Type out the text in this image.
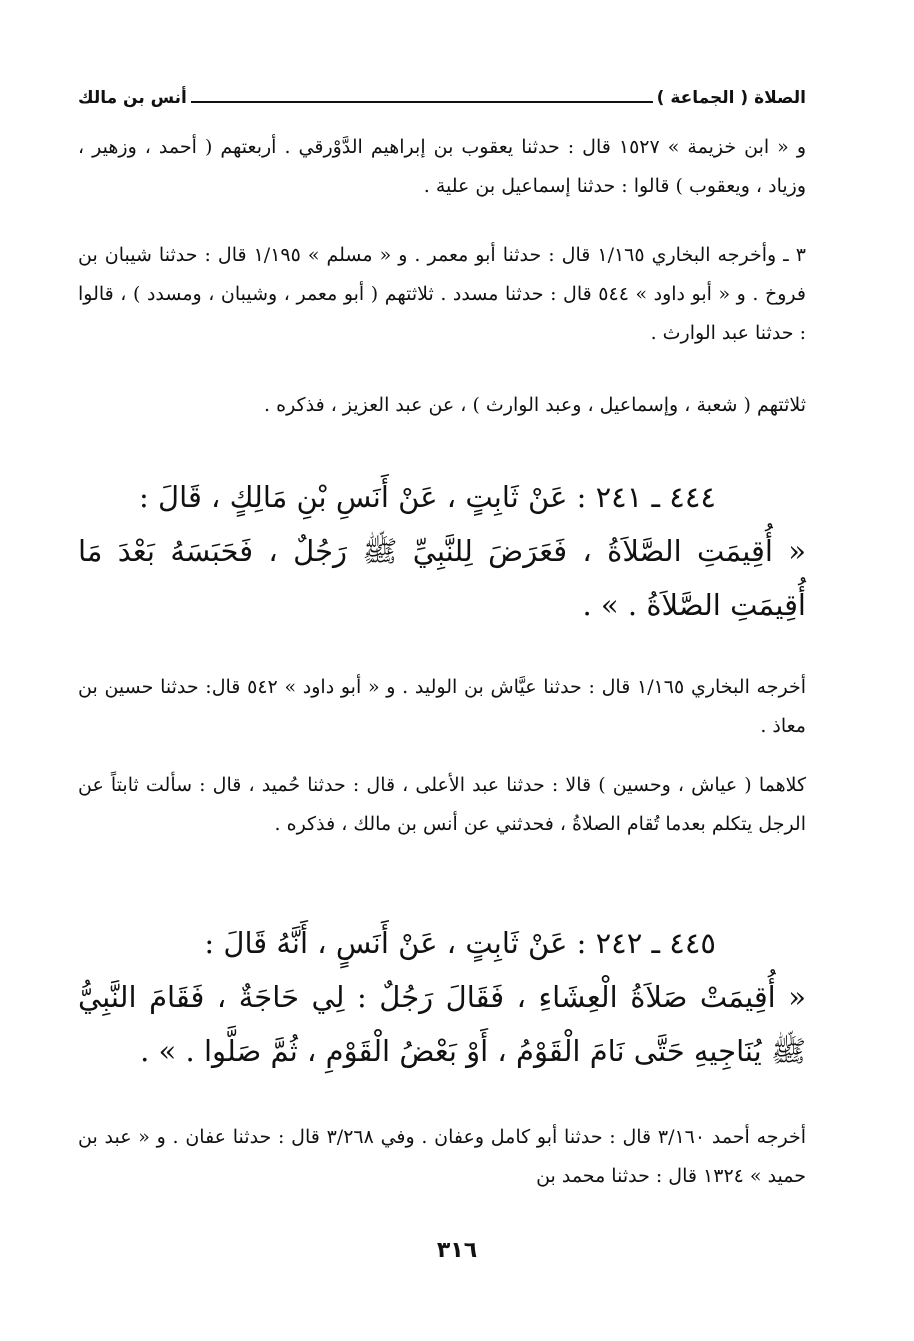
الصلاة ( الجماعة )
أنس بن مالك

و « ابن خزيمة » ١٥٢٧ قال : حدثنا يعقوب بن إبراهيم الدَّوْرقي . أربعتهم ( أحمد ، وزهير ، وزياد ، ويعقوب ) قالوا : حدثنا إسماعيل بن علية .

٣ ـ وأخرجه البخاري ١/١٦٥ قال : حدثنا أبو معمر . و « مسلم » ١/١٩٥ قال : حدثنا شيبان بن فروخ . و « أبو داود » ٥٤٤ قال : حدثنا مسدد . ثلاثتهم ( أبو معمر ، وشيبان ، ومسدد ) ، قالوا : حدثنا عبد الوارث .

ثلاثتهم ( شعبة ، وإسماعيل ، وعبد الوارث ) ، عن عبد العزيز ، فذكره .

٤٤٤ ـ ٢٤١ : عَنْ ثَابِتٍ ، عَنْ أَنَسِ بْنِ مَالِكٍ ، قَالَ :
« أُقِيمَتِ الصَّلاَةُ ، فَعَرَضَ لِلنَّبِيِّ ﷺ رَجُلٌ ، فَحَبَسَهُ بَعْدَ مَا أُقِيمَتِ الصَّلاَةُ . » .

أخرجه البخاري ١/١٦٥ قال : حدثنا عيَّاش بن الوليد . و « أبو داود » ٥٤٢ قال: حدثنا حسين بن معاذ .

كلاهما ( عياش ، وحسين ) قالا : حدثنا عبد الأعلى ، قال : حدثنا حُميد ، قال : سألت ثابتاً عن الرجل يتكلم بعدما تُقام الصلاةُ ، فحدثني عن أنس بن مالك ، فذكره .

٤٤٥ ـ ٢٤٢ : عَنْ ثَابِتٍ ، عَنْ أَنَسٍ ، أَنَّهُ قَالَ :
« أُقِيمَتْ صَلاَةُ الْعِشَاءِ ، فَقَالَ رَجُلٌ : لِي حَاجَةٌ ، فَقَامَ النَّبِيُّ ﷺ يُنَاجِيهِ حَتَّى نَامَ الْقَوْمُ ، أَوْ بَعْضُ الْقَوْمِ ، ثُمَّ صَلَّوا . » .

أخرجه أحمد ٣/١٦٠ قال : حدثنا أبو كامل وعفان . وفي ٣/٢٦٨ قال : حدثنا عفان . و « عبد بن حميد » ١٣٢٤ قال : حدثنا محمد بن

٣١٦
